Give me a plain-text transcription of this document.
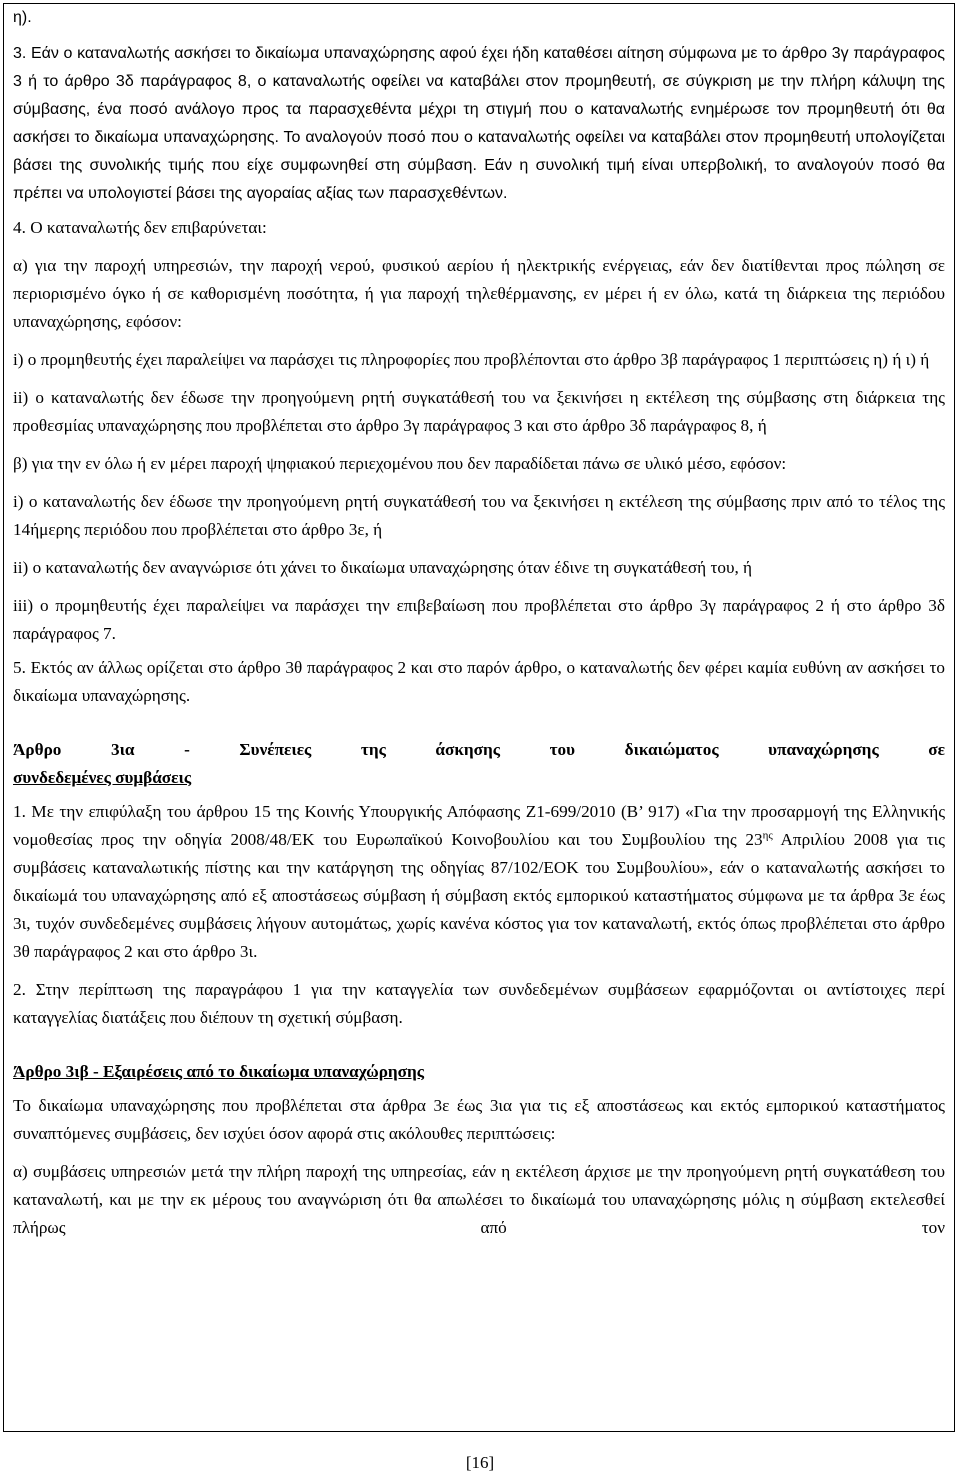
η).

3. Εάν ο καταναλωτής ασκήσει το δικαίωμα υπαναχώρησης αφού έχει ήδη καταθέσει αίτηση σύμφωνα με το άρθρο 3γ παράγραφος 3 ή το άρθρο 3δ παράγραφος 8, ο καταναλωτής οφείλει να καταβάλει στον προμηθευτή, σε σύγκριση με την πλήρη κάλυψη της σύμβασης, ένα ποσό ανάλογο προς τα παρασχεθέντα μέχρι τη στιγμή που ο καταναλωτής ενημέρωσε τον προμηθευτή ότι θα ασκήσει το δικαίωμα υπαναχώρησης. Το αναλογούν ποσό που ο καταναλωτής οφείλει να καταβάλει στον προμηθευτή υπολογίζεται βάσει της συνολικής τιμής που είχε συμφωνηθεί στη σύμβαση. Εάν η συνολική τιμή είναι υπερβολική, το αναλογούν ποσό θα πρέπει να υπολογιστεί βάσει της αγοραίας αξίας των παρασχεθέντων.

4. Ο καταναλωτής δεν επιβαρύνεται:

α) για την παροχή υπηρεσιών, την παροχή νερού, φυσικού αερίου ή ηλεκτρικής ενέργειας, εάν δεν διατίθενται προς πώληση σε περιορισμένο όγκο ή σε καθορισμένη ποσότητα, ή για παροχή τηλεθέρμανσης, εν μέρει ή εν όλω, κατά τη διάρκεια της περιόδου υπαναχώρησης, εφόσον:

i) ο προμηθευτής έχει παραλείψει να παράσχει τις πληροφορίες που προβλέπονται στο άρθρο 3β παράγραφος 1 περιπτώσεις η) ή ι) ή

ii) ο καταναλωτής δεν έδωσε την προηγούμενη ρητή συγκατάθεσή του να ξεκινήσει η εκτέλεση της σύμβασης στη διάρκεια της προθεσμίας υπαναχώρησης που προβλέπεται στο άρθρο 3γ παράγραφος 3 και στο άρθρο 3δ παράγραφος 8, ή

β) για την εν όλω ή εν μέρει παροχή ψηφιακού περιεχομένου που δεν παραδίδεται πάνω σε υλικό μέσο, εφόσον:

i) ο καταναλωτής δεν έδωσε την προηγούμενη ρητή συγκατάθεσή του να ξεκινήσει η εκτέλεση της σύμβασης πριν από το τέλος της 14ήμερης περιόδου που προβλέπεται στο άρθρο 3ε, ή

ii) ο καταναλωτής δεν αναγνώρισε ότι χάνει το δικαίωμα υπαναχώρησης όταν έδινε τη συγκατάθεσή του, ή

iii) ο προμηθευτής έχει παραλείψει να παράσχει την επιβεβαίωση που προβλέπεται στο άρθρο 3γ παράγραφος 2 ή στο άρθρο 3δ παράγραφος 7.

5. Εκτός αν άλλως ορίζεται στο άρθρο 3θ παράγραφος 2 και στο παρόν άρθρο, ο καταναλωτής δεν φέρει καμία ευθύνη αν ασκήσει το δικαίωμα υπαναχώρησης.

Άρθρο 3ια - Συνέπειες της άσκησης του δικαιώματος υπαναχώρησης σε

συνδεδεμένες συμβάσεις

1. Με την επιφύλαξη του άρθρου 15 της Κοινής Υπουργικής Απόφασης Ζ1-699/2010 (Β’ 917) «Για την προσαρμογή της Ελληνικής νομοθεσίας προς την οδηγία 2008/48/ΕΚ του Ευρωπαϊκού Κοινοβουλίου και του Συμβουλίου της $23^{\eta\varsigma}$ Απριλίου 2008 για τις συμβάσεις καταναλωτικής πίστης και την κατάργηση της οδηγίας 87/102/ΕΟΚ του Συμβουλίου», εάν ο καταναλωτής ασκήσει το δικαίωμά του υπαναχώρησης από εξ αποστάσεως σύμβαση ή σύμβαση εκτός εμπορικού καταστήματος σύμφωνα με τα άρθρα 3ε έως 3ι, τυχόν συνδεδεμένες συμβάσεις λήγουν αυτομάτως, χωρίς κανένα κόστος για τον καταναλωτή, εκτός όπως προβλέπεται στο άρθρο 3θ παράγραφος 2 και στο άρθρο 3ι.

2. Στην περίπτωση της παραγράφου 1 για την καταγγελία των συνδεδεμένων συμβάσεων εφαρμόζονται οι αντίστοιχες περί καταγγελίας διατάξεις που διέπουν τη σχετική σύμβαση.

Άρθρο 3ιβ - Εξαιρέσεις από το δικαίωμα υπαναχώρησης

Το δικαίωμα υπαναχώρησης που προβλέπεται στα άρθρα 3ε έως 3ια για τις εξ αποστάσεως και εκτός εμπορικού καταστήματος συναπτόμενες συμβάσεις, δεν ισχύει όσον αφορά στις ακόλουθες περιπτώσεις:

α) συμβάσεις υπηρεσιών μετά την πλήρη παροχή της υπηρεσίας, εάν η εκτέλεση άρχισε με την προηγούμενη ρητή συγκατάθεση του καταναλωτή, και με την εκ μέρους του αναγνώριση ότι θα απωλέσει το δικαίωμά του υπαναχώρησης μόλις η σύμβαση εκτελεσθεί πλήρως από τον

[16]
